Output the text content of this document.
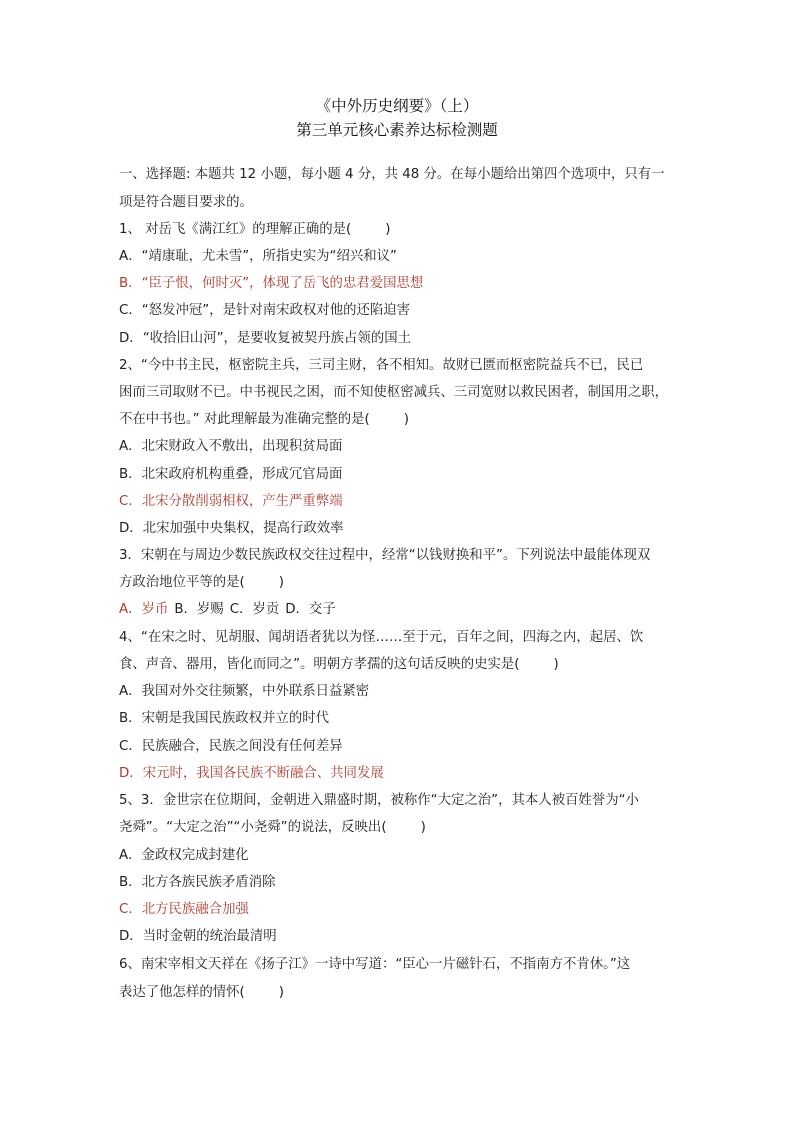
《中外历史纲要》（上）
第三单元核心素养达标检测题
一、选择题: 本题共 12 小题，每小题 4 分，共 48 分。在每小题给出第四个选项中，只有一
项是符合题目要求的。
1、 对岳飞《满江红》的理解正确的是(	)
A．“靖康耻，尤未雪”，所指史实为“绍兴和议”
B．“臣子恨，何时灭”，体现了岳飞的忠君爱国思想
C．“怒发冲冠”，是针对南宋政权对他的还陷迫害
D．“收拾旧山河”，是要收复被契丹族占领的国土
2、“今中书主民，枢密院主兵，三司主财，各不相知。故财已匮而枢密院益兵不已，民已
困而三司取财不已。中书视民之困，而不知使枢密减兵、三司宽财以救民困者，制国用之职，
不在中书也。” 对此理解最为准确完整的是(	)
A．北宋财政入不敷出，出现积贫局面
B．北宋政府机构重叠，形成冗官局面
C．北宋分散削弱相权，产生严重弊端
D．北宋加强中央集权，提高行政效率
3．宋朝在与周边少数民族政权交往过程中，经常“以钱财换和平”。下列说法中最能体现双
方政治地位平等的是(	)
A．岁币 B．岁赐 C．岁贡 D．交子
4、“在宋之时、见胡服、闻胡语者犹以为怪……至于元，百年之间，四海之内，起居、饮
食、声音、器用，皆化而同之”。明朝方孝孺的这句话反映的史实是(	)
A．我国对外交往频繁，中外联系日益紧密
B．宋朝是我国民族政权并立的时代
C．民族融合，民族之间没有任何差异
D．宋元时，我国各民族不断融合、共同发展
5、3．金世宗在位期间，金朝进入鼎盛时期，被称作“大定之治”，其本人被百姓誉为“小
尧舜”。“大定之治”“小尧舜”的说法，反映出(	)
A．金政权完成封建化
B．北方各族民族矛盾消除
C．北方民族融合加强
D．当时金朝的统治最清明
6、南宋宰相文天祥在《扬子江》一诗中写道：“臣心一片磁针石，不指南方不肯休。”这
表达了他怎样的情怀(	)
